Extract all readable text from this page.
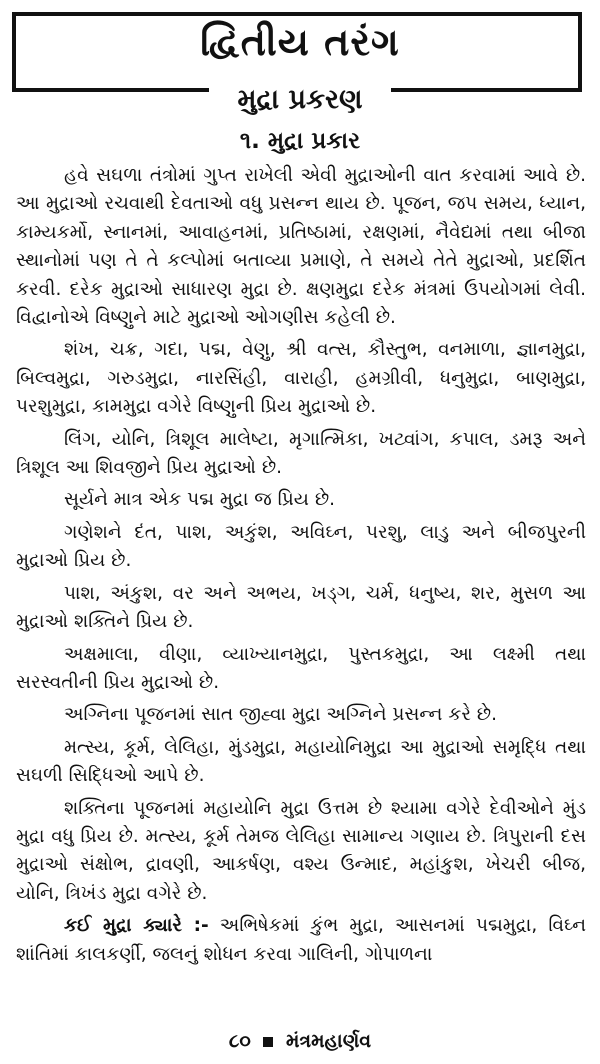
દ્વિતીય તરંગ
મુદ્રા પ્રકરણ
૧. મુદ્રા પ્રકાર

હવે સઘળા તંત્રોમાં ગુપ્ત રાખેલી એવી મુદ્રાઓની વાત કરવામાં આવે છે. આ મુદ્રાઓ રચવાથી દેવતાઓ વધુ પ્રસન્ન થાય છે. પૂજન, જપ સમય, ધ્યાન, કામ્યકર્મો, સ્નાનમાં, આવાહનમાં, પ્રતિષ્ઠામાં, રક્ષણમાં, નૈવેદ્યમાં તથા બીજા સ્થાનોમાં પણ તે તે કલ્પોમાં બતાવ્યા પ્રમાણે, તે સમયે તેતે મુદ્રાઓ, પ્રદર્શિત કરવી. દરેક મુદ્રાઓ સાધારણ મુદ્રા છે. ક્ષણમુદ્રા દરેક મંત્રમાં ઉપયોગમાં લેવી. વિદ્વાનોએ વિષ્ણુને માટે મુદ્રાઓ ઓગણીસ કહેલી છે.

શંખ, ચક્ર, ગદા, પદ્મ, વેણુ, શ્રી વત્સ, કૌસ્તુભ, વનમાળા, જ્ઞાનમુદ્રા, બિલ્વમુદ્રા, ગરુડમુદ્રા, નારસિંહી, વારાહી, હમગ્રીવી, ધનુમુદ્રા, બાણમુદ્રા, પરશુમુદ્રા, કામમુદ્રા વગેરે વિષ્ણુની પ્રિય મુદ્રાઓ છે.

લિંગ, યોનિ, ત્રિશૂલ માલેષ્ટા, મૃગાત્મિકા, ખટ્વાંગ, કપાલ, ડમરૂ અને ત્રિશૂલ આ શિવજીને પ્રિય મુદ્રાઓ છે.

સૂર્યને માત્ર એક પદ્મ મુદ્રા જ પ્રિય છે.

ગણેશને દંત, પાશ, અકુંશ, અવિઘ્ન, પરશુ, લાડુ અને બીજપુરની મુદ્રાઓ પ્રિય છે.

પાશ, અંકુશ, વર અને અભય, ખડ્ગ, ચર્મ, ધનુષ્ય, શર, મુસળ આ મુદ્રાઓ શક્તિને પ્રિય છે.

અક્ષમાલા, વીણા, વ્યાખ્યાનમુદ્રા, પુસ્તકમુદ્રા, આ લક્ષ્મી તથા સરસ્વતીની પ્રિય મુદ્રાઓ છે.

અગ્નિના પૂજનમાં સાત જીહ્વા મુદ્રા અગ્નિને પ્રસન્ન કરે છે.

મત્સ્ય, કૂર્મ, લેલિહા, મુંડમુદ્રા, મહાયોનિમુદ્રા આ મુદ્રાઓ સમૃદ્ધિ તથા સઘળી સિદ્ધિઓ આપે છે.

શક્તિના પૂજનમાં મહાયોનિ મુદ્રા ઉત્તમ છે શ્યામા વગેરે દેવીઓને મુંડ મુદ્રા વધુ પ્રિય છે. મત્સ્ય, કૂર્મ તેમજ લેલિહા સામાન્ય ગણાય છે. ત્રિપુરાની દસ મુદ્રાઓ સંક્ષોભ, દ્રાવણી, આકર્ષણ, વશ્ય ઉન્માદ, મહાંકુશ, ખેચરી બીજ, યોનિ, ત્રિખંડ મુદ્રા વગેરે છે.

કઈ મુદ્રા ક્યારે :- અભિષેકમાં કુંભ મુદ્રા, આસનમાં પદ્મમુદ્રા, વિઘ્ન શાંતિમાં કાલકર્ણી, જલનું શોધન કરવા ગાલિની, ગોપાળના

૮૦ મંત્રમહાર્ણવ
